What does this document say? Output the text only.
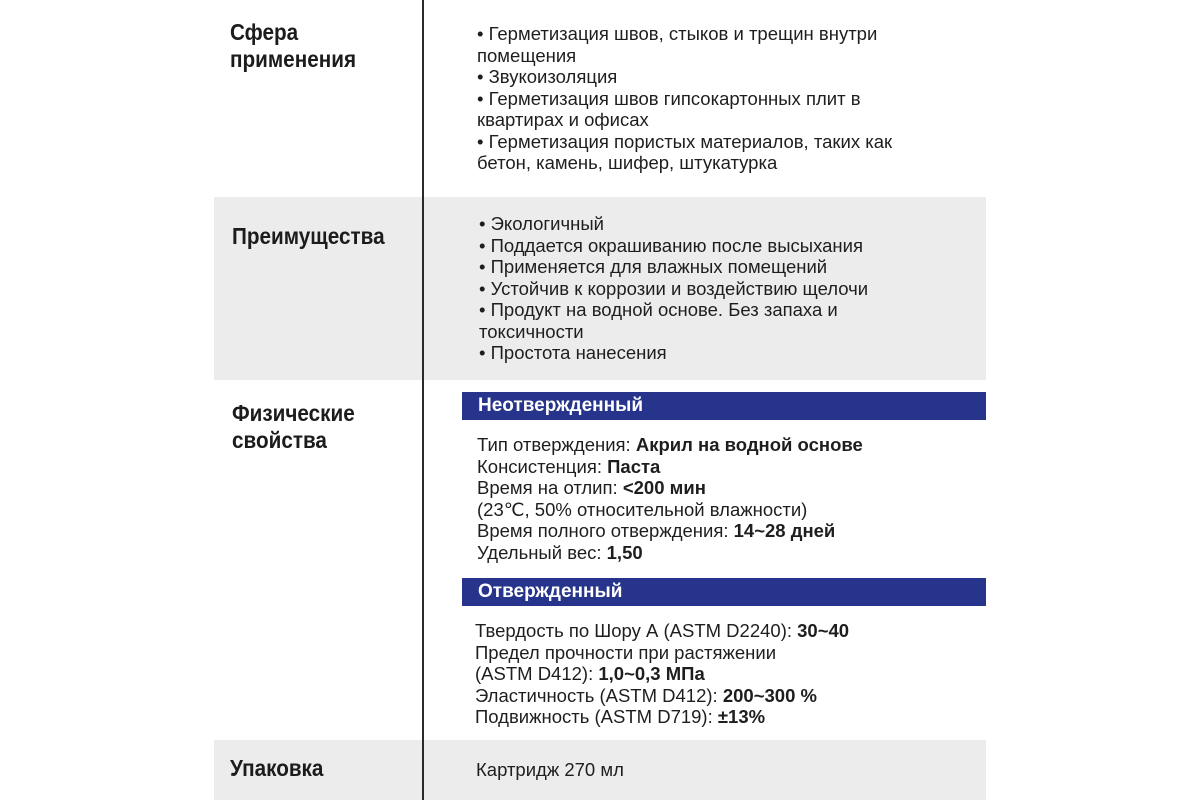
Сфера
применения
• Герметизация швов, стыков и трещин внутри
помещения
• Звукоизоляция
• Герметизация швов гипсокартонных плит в
квартирах и офисах
• Герметизация пористых материалов, таких как
бетон, камень, шифер, штукатурка
Преимущества	• Экологичный
• Поддается окрашиванию после высыхания
• Применяется для влажных помещений
• Устойчив к коррозии и воздействию щелочи
• Продукт на водной основе. Без запаха и
токсичности
• Простота нанесения
Физические
свойства
Неотвержденный
Тип отверждения: Акрил на водной основе
Консистенция: Паста
Время на отлип: <200 мин
(23℃, 50% относительной влажности)
Время полного отверждения: 14~28 дней
Удельный вес: 1,50
Отвержденный
Твердость по Шору А (ASTM D2240): 30~40
Предел прочности при растяжении
(ASTM D412): 1,0~0,3 МПа
Эластичность (ASTM D412): 200~300 %
Подвижность (ASTM D719): ±13%
Упаковка	Картридж 270 мл
